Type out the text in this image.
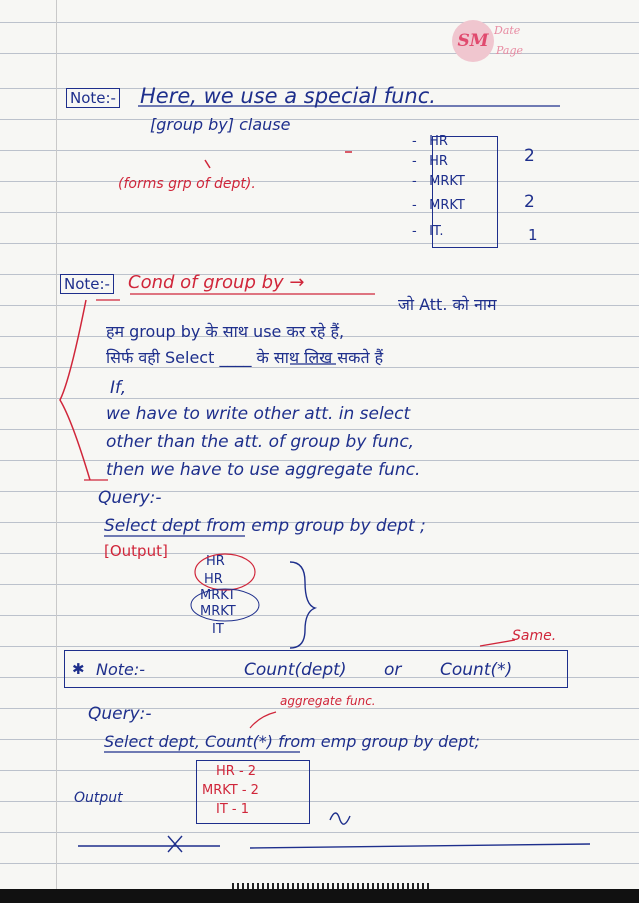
SM
Date
Page
Note:- Here, we use a special func.
[group by] clause
(forms grp of dept).
- HR
- HR
- MRKT
- MRKT
- IT.
2
2
1
Note:- Cond of group by →
जो Att. को नाम
हम group by के साथ use कर रहे हैं,
सिर्फ वही Select ____ के साथ लिख सकते हैं
If,
we have to write other att. in select
other than the att. of group by func,
then we have to use aggregate func.
Query:-
Select dept from emp group by dept ;
[Output]
HR
HR
MRKT
MRKT
IT	Same.
✱ Note:-	Count(dept) or Count(*)
Query:-
aggregate func.
Select dept, Count(*) from emp group by dept;
Output
HR - 2
MRKT - 2
IT - 1
